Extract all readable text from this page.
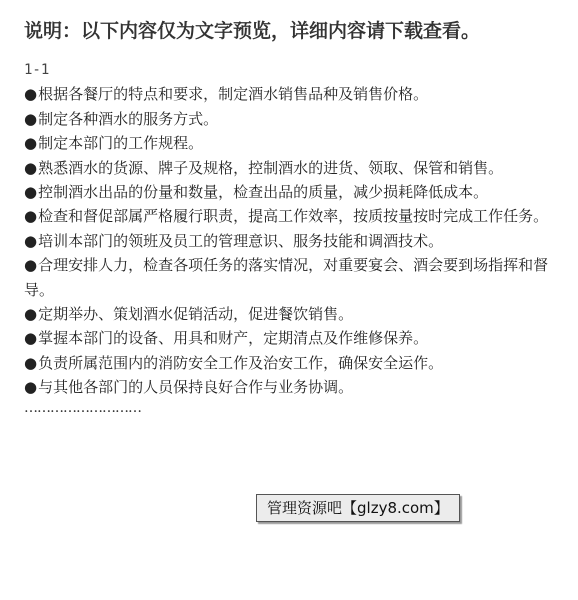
说明：以下内容仅为文字预览，详细内容请下载查看。
1-1
●根据各餐厅的特点和要求，制定酒水销售品种及销售价格。
●制定各种酒水的服务方式。
●制定本部门的工作规程。
●熟悉酒水的货源、牌子及规格，控制酒水的进货、领取、保管和销售。
●控制酒水出品的份量和数量，检查出品的质量，减少损耗降低成本。
●检查和督促部属严格履行职责，提高工作效率，按质按量按时完成工作任务。
●培训本部门的领班及员工的管理意识、服务技能和调酒技术。
●合理安排人力，检查各项任务的落实情况，对重要宴会、酒会要到场指挥和督导。
●定期举办、策划酒水促销活动，促进餐饮销售。
●掌握本部门的设备、用具和财产，定期清点及作维修保养。
●负责所属范围内的消防安全工作及治安工作，确保安全运作。
●与其他各部门的人员保持良好合作与业务协调。
………………………
管理资源吧【glzy8.com】
